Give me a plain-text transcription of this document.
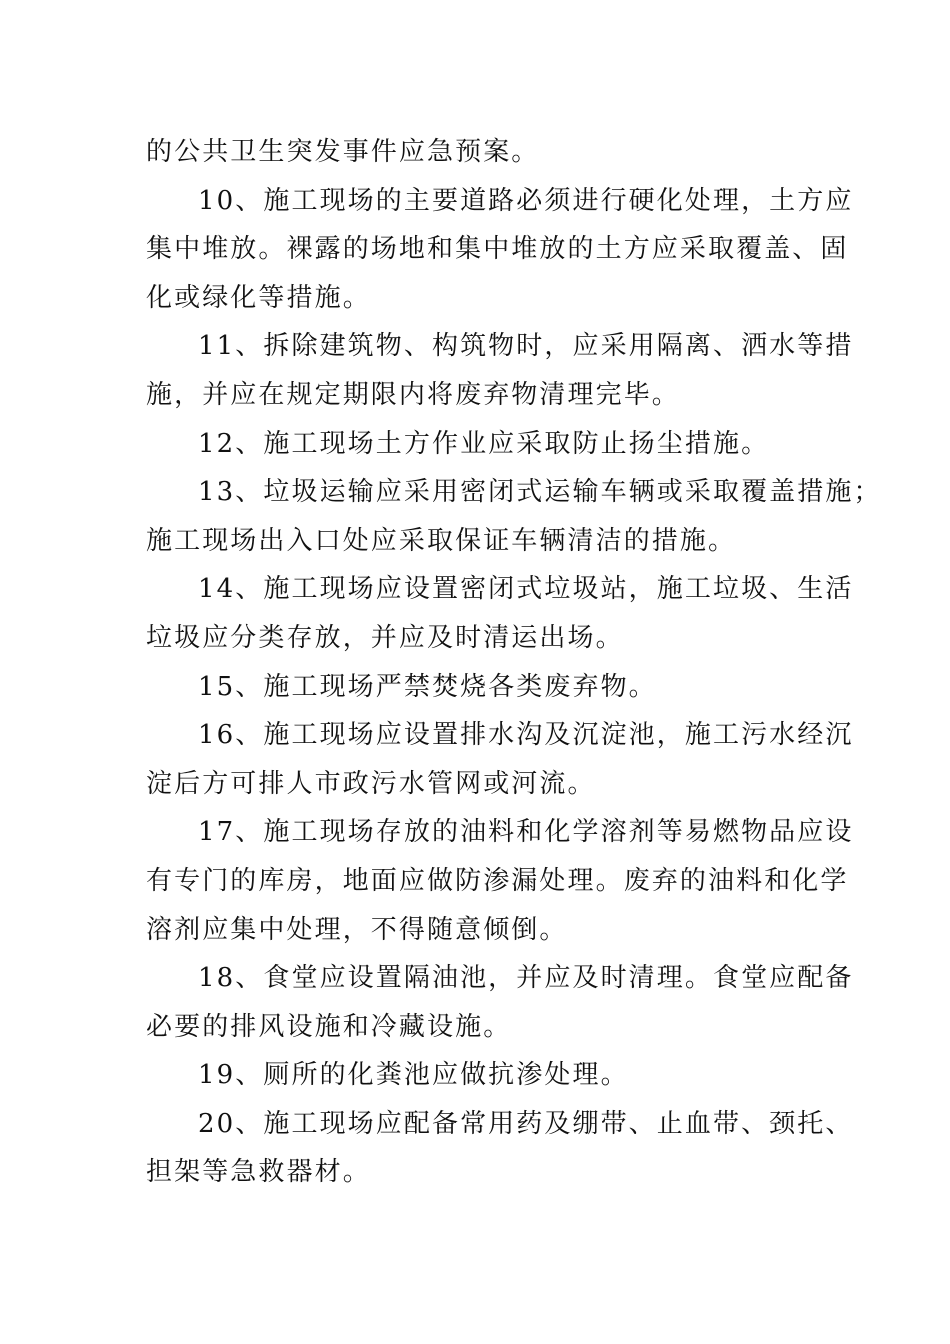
的公共卫生突发事件应急预案。
10、施工现场的主要道路必须进行硬化处理，土方应
集中堆放。裸露的场地和集中堆放的土方应采取覆盖、固
化或绿化等措施。
11、拆除建筑物、构筑物时，应采用隔离、洒水等措
施，并应在规定期限内将废弃物清理完毕。
12、施工现场土方作业应采取防止扬尘措施。
13、垃圾运输应采用密闭式运输车辆或采取覆盖措施；
施工现场出入口处应采取保证车辆清洁的措施。
14、施工现场应设置密闭式垃圾站，施工垃圾、生活
垃圾应分类存放，并应及时清运出场。
15、施工现场严禁焚烧各类废弃物。
16、施工现场应设置排水沟及沉淀池，施工污水经沉
淀后方可排人市政污水管网或河流。
17、施工现场存放的油料和化学溶剂等易燃物品应设
有专门的库房，地面应做防渗漏处理。废弃的油料和化学
溶剂应集中处理，不得随意倾倒。
18、食堂应设置隔油池，并应及时清理。食堂应配备
必要的排风设施和冷藏设施。
19、厕所的化粪池应做抗渗处理。
20、施工现场应配备常用药及绷带、止血带、颈托、
担架等急救器材。
